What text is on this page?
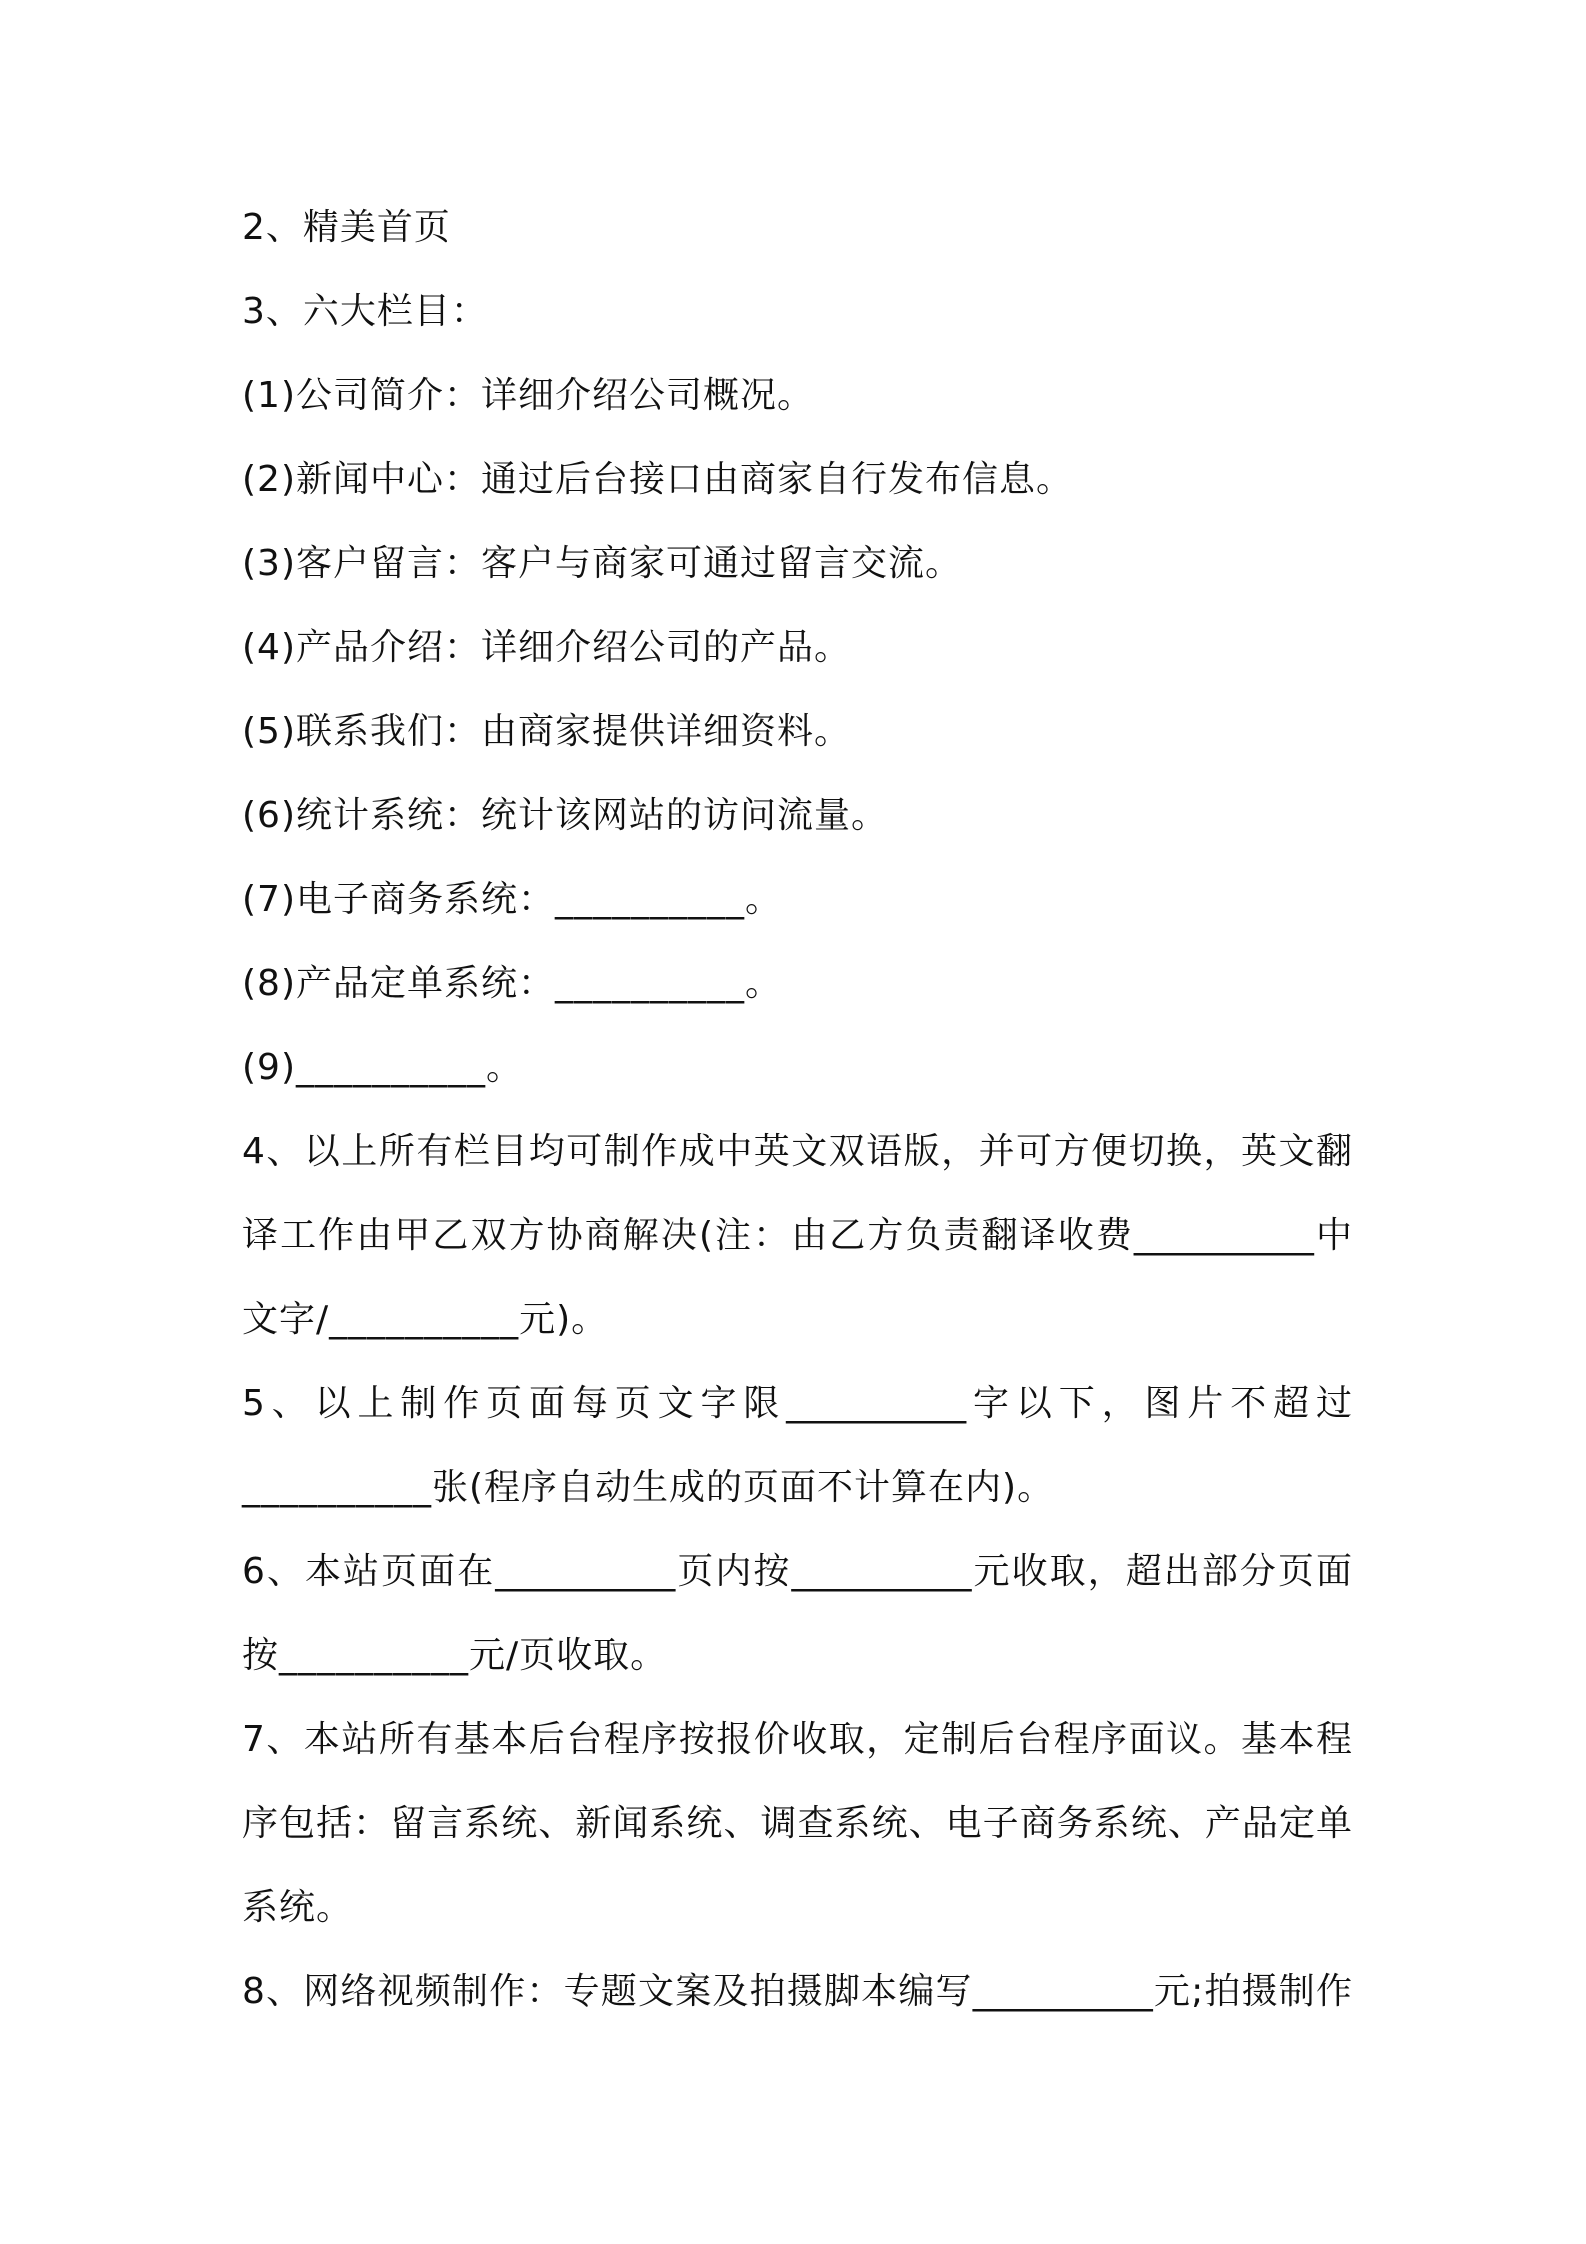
2、精美首页
3、六大栏目：
(1)公司简介：详细介绍公司概况。
(2)新闻中心：通过后台接口由商家自行发布信息。
(3)客户留言：客户与商家可通过留言交流。
(4)产品介绍：详细介绍公司的产品。
(5)联系我们：由商家提供详细资料。
(6)统计系统：统计该网站的访问流量。
(7)电子商务系统：__________。
(8)产品定单系统：__________。
(9)__________。
4、以上所有栏目均可制作成中英文双语版，并可方便切换，英文翻
译工作由甲乙双方协商解决(注：由乙方负责翻译收费__________中
文字/__________元)。
5、以上制作页面每页文字限__________字以下，图片不超过
__________张(程序自动生成的页面不计算在内)。
6、本站页面在__________页内按__________元收取，超出部分页面
按__________元/页收取。
7、本站所有基本后台程序按报价收取，定制后台程序面议。基本程
序包括：留言系统、新闻系统、调查系统、电子商务系统、产品定单
系统。
8、网络视频制作：专题文案及拍摄脚本编写__________元;拍摄制作
